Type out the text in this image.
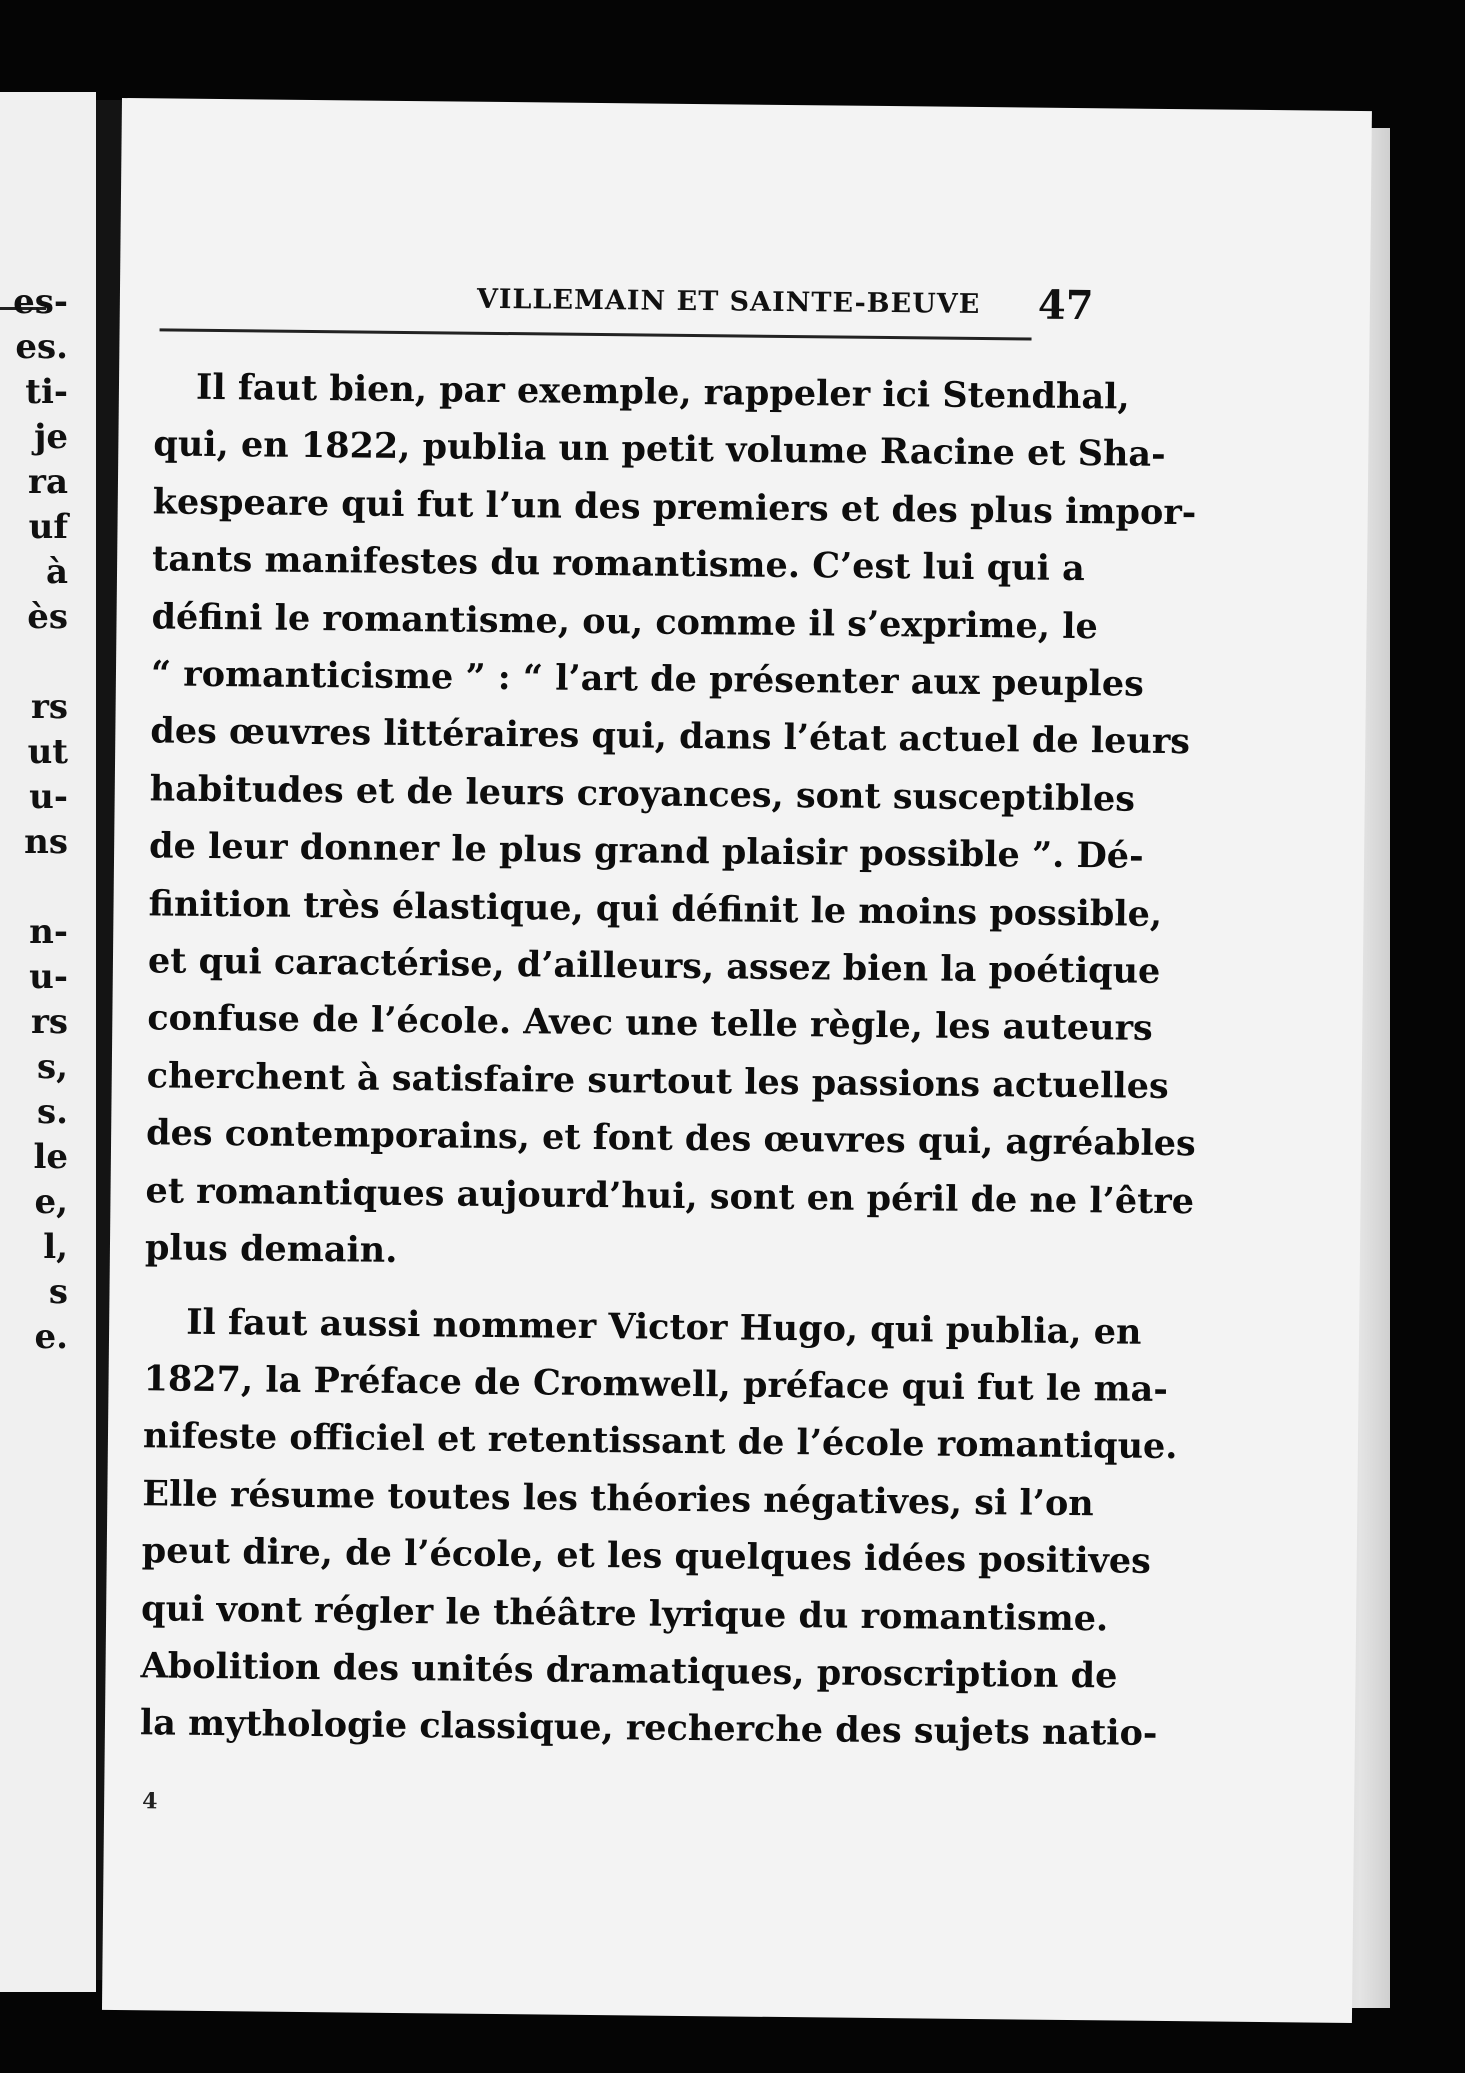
es-
es.
ti-
je
ra
uf
à
ès
rs
ut
u-
ns
n-
u-
rs
s,
s.
le
e,
l,
s
e.
VILLEMAIN ET SAINTE-BEUVE 47

Il faut bien, par exemple, rappeler ici Stendhal,
qui, en 1822, publia un petit volume Racine et Sha-
kespeare qui fut l’un des premiers et des plus impor-
tants manifestes du romantisme. C’est lui qui a
défini le romantisme, ou, comme il s’exprime, le
“ romanticisme ” : “ l’art de présenter aux peuples
des œuvres littéraires qui, dans l’état actuel de leurs
habitudes et de leurs croyances, sont susceptibles
de leur donner le plus grand plaisir possible ”. Dé-
finition très élastique, qui définit le moins possible,
et qui caractérise, d’ailleurs, assez bien la poétique
confuse de l’école. Avec une telle règle, les auteurs
cherchent à satisfaire surtout les passions actuelles
des contemporains, et font des œuvres qui, agréables
et romantiques aujourd’hui, sont en péril de ne l’être
plus demain.

Il faut aussi nommer Victor Hugo, qui publia, en
1827, la Préface de Cromwell, préface qui fut le ma-
nifeste officiel et retentissant de l’école romantique.
Elle résume toutes les théories négatives, si l’on
peut dire, de l’école, et les quelques idées positives
qui vont régler le théâtre lyrique du romantisme.
Abolition des unités dramatiques, proscription de
la mythologie classique, recherche des sujets natio-

4
